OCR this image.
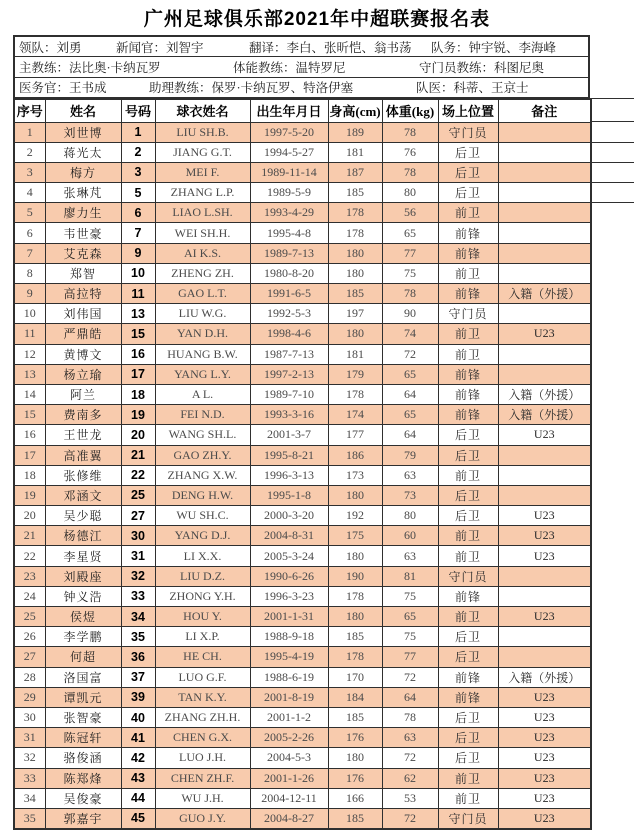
广州足球俱乐部2021年中超联赛报名表
领队：刘勇	新闻官：刘智宇	翻译：李白、张昕恺、翁书荡 队务：钟宇锐、李海峰
主教练：法比奥·卡纳瓦罗	体能教练：温特罗尼	守门员教练：科图尼奥
医务官：王书成	助理教练：保罗·卡纳瓦罗、特洛伊塞	队医：科蒂、王京士
序号	姓名	号码	球衣姓名	出生年月日	身高(cm)	体重(kg)	场上位置	备注
1	刘世博	1	LIU SH.B.	1997-5-20	189	78	守门员	
2	蒋光太	2	JIANG G.T.	1994-5-27	181	76	后卫	
3	梅方	3	MEI F.	1989-11-14	187	78	后卫	
4	张琳芃	5	ZHANG L.P.	1989-5-9	185	80	后卫	
5	廖力生	6	LIAO L.SH.	1993-4-29	178	56	前卫	
6	韦世豪	7	WEI SH.H.	1995-4-8	178	65	前锋	
7	艾克森	9	AI K.S.	1989-7-13	180	77	前锋	
8	郑智	10	ZHENG ZH.	1980-8-20	180	75	前卫	
9	高拉特	11	GAO L.T.	1991-6-5	185	78	前锋	入籍（外援）
10	刘伟国	13	LIU W.G.	1992-5-3	197	90	守门员	
11	严鼎皓	15	YAN D.H.	1998-4-6	180	74	前卫	U23
12	黄博文	16	HUANG B.W.	1987-7-13	181	72	前卫	
13	杨立瑜	17	YANG L.Y.	1997-2-13	179	65	前锋	
14	阿兰	18	A L.	1989-7-10	178	64	前锋	入籍（外援）
15	费南多	19	FEI N.D.	1993-3-16	174	65	前锋	入籍（外援）
16	王世龙	20	WANG SH.L.	2001-3-7	177	64	后卫	U23
17	高准翼	21	GAO ZH.Y.	1995-8-21	186	79	后卫	
18	张修维	22	ZHANG X.W.	1996-3-13	173	63	前卫	
19	邓涵文	25	DENG H.W.	1995-1-8	180	73	后卫	
20	吴少聪	27	WU SH.C.	2000-3-20	192	80	后卫	U23
21	杨德江	30	YANG D.J.	2004-8-31	175	60	前卫	U23
22	李星贤	31	LI X.X.	2005-3-24	180	63	前卫	U23
23	刘殿座	32	LIU D.Z.	1990-6-26	190	81	守门员	
24	钟义浩	33	ZHONG Y.H.	1996-3-23	178	75	前锋	
25	侯煜	34	HOU Y.	2001-1-31	180	65	前卫	U23
26	李学鹏	35	LI X.P.	1988-9-18	185	75	后卫	
27	何超	36	HE CH.	1995-4-19	178	77	后卫	
28	洛国富	37	LUO G.F.	1988-6-19	170	72	前锋	入籍（外援）
29	谭凯元	39	TAN K.Y.	2001-8-19	184	64	前锋	U23
30	张智豪	40	ZHANG ZH.H.	2001-1-2	185	78	后卫	U23
31	陈冠轩	41	CHEN G.X.	2005-2-26	176	63	后卫	U23
32	骆俊涵	42	LUO J.H.	2004-5-3	180	72	后卫	U23
33	陈郑烽	43	CHEN ZH.F.	2001-1-26	176	62	前卫	U23
34	吴俊豪	44	WU J.H.	2004-12-11	166	53	前卫	U23
35	郭嘉宇	45	GUO J.Y.	2004-8-27	185	72	守门员	U23
